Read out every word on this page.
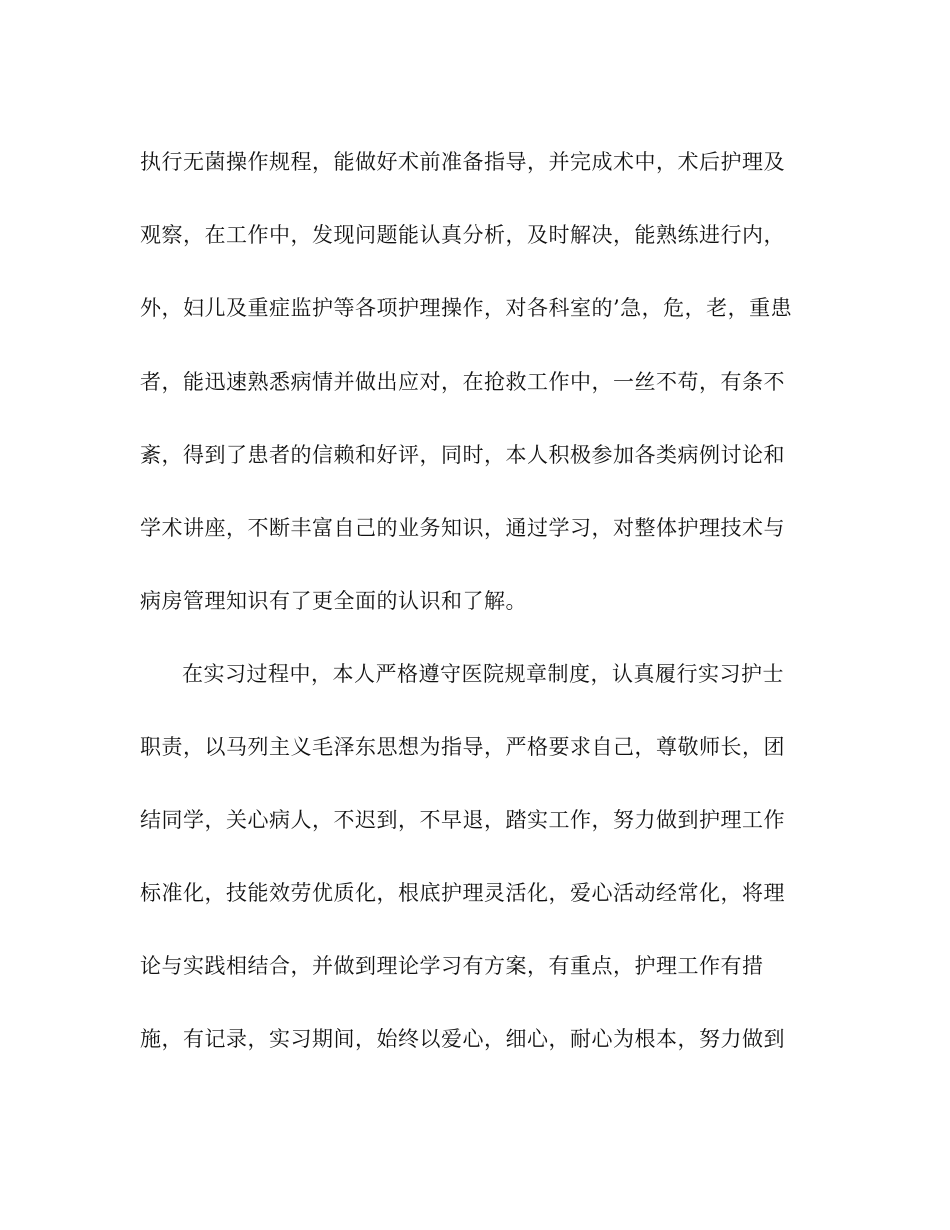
执行无菌操作规程，能做好术前准备指导，并完成术中，术后护理及
观察，在工作中，发现问题能认真分析，及时解决，能熟练进行内，
外，妇儿及重症监护等各项护理操作，对各科室的’急，危，老，重患
者，能迅速熟悉病情并做出应对，在抢救工作中，一丝不苟，有条不
紊，得到了患者的信赖和好评，同时，本人积极参加各类病例讨论和
学术讲座，不断丰富自己的业务知识，通过学习，对整体护理技术与
病房管理知识有了更全面的认识和了解。
在实习过程中，本人严格遵守医院规章制度，认真履行实习护士
职责，以马列主义毛泽东思想为指导，严格要求自己，尊敬师长，团
结同学，关心病人，不迟到，不早退，踏实工作，努力做到护理工作
标准化，技能效劳优质化，根底护理灵活化，爱心活动经常化，将理
论与实践相结合，并做到理论学习有方案，有重点，护理工作有措
施，有记录，实习期间，始终以爱心，细心，耐心为根本，努力做到
